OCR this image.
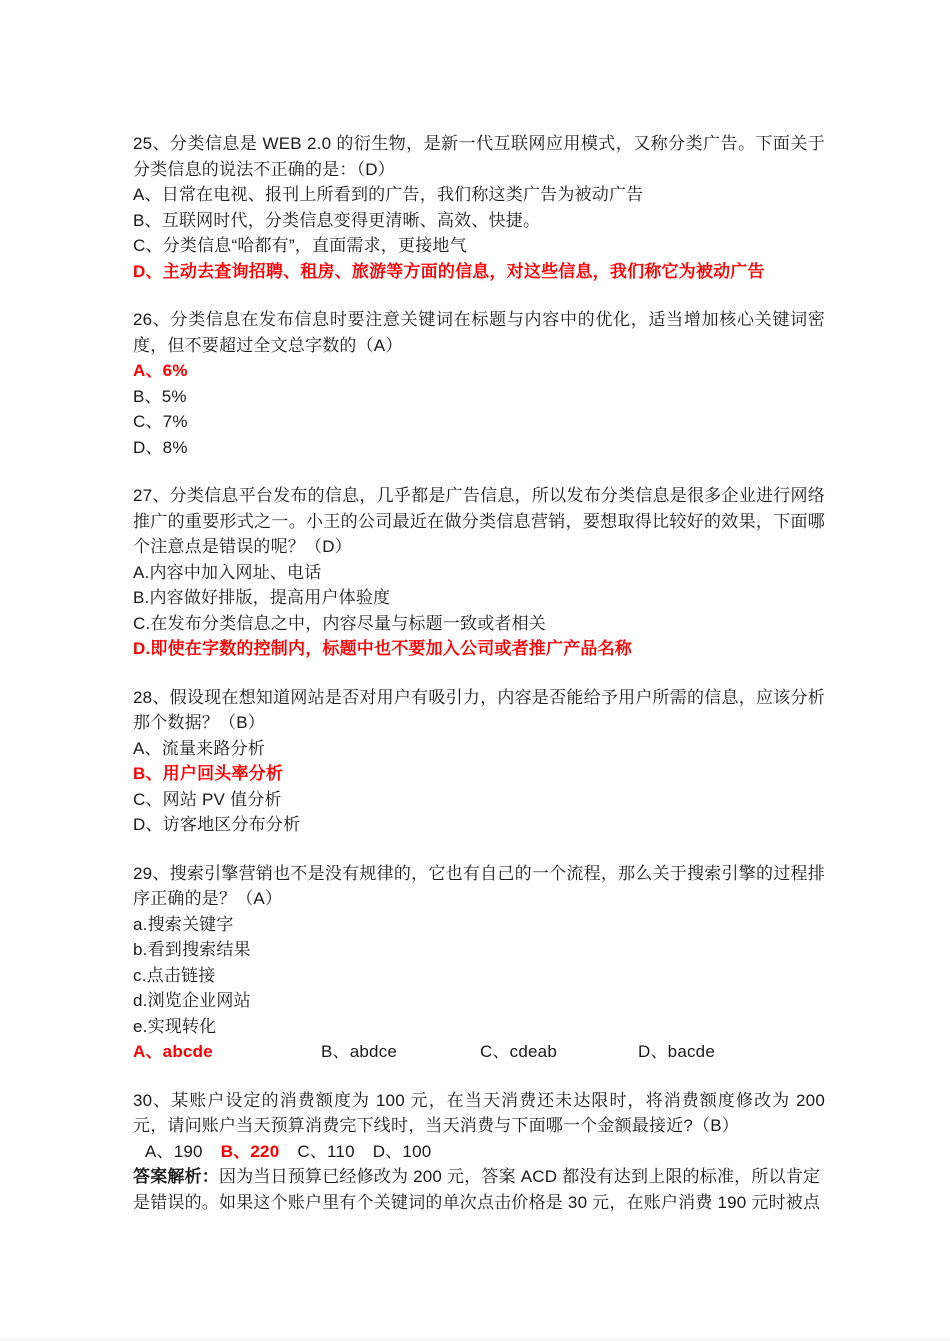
25、分类信息是 WEB 2.0 的衍生物，是新一代互联网应用模式，又称分类广告。下面关于分类信息的说法不正确的是：（D）

A、日常在电视、报刊上所看到的广告，我们称这类广告为被动广告

B、互联网时代，分类信息变得更清晰、高效、快捷。

C、分类信息“哈都有”，直面需求，更接地气

D、主动去查询招聘、租房、旅游等方面的信息，对这些信息，我们称它为被动广告

26、分类信息在发布信息时要注意关键词在标题与内容中的优化，适当增加核心关键词密度，但不要超过全文总字数的（A）

A、6%

B、5%

C、7%

D、8%

27、分类信息平台发布的信息，几乎都是广告信息，所以发布分类信息是很多企业进行网络推广的重要形式之一。小王的公司最近在做分类信息营销，要想取得比较好的效果，下面哪个注意点是错误的呢？（D）

A.内容中加入网址、电话

B.内容做好排版，提高用户体验度

C.在发布分类信息之中，内容尽量与标题一致或者相关

D.即使在字数的控制内，标题中也不要加入公司或者推广产品名称

28、假设现在想知道网站是否对用户有吸引力，内容是否能给予用户所需的信息，应该分析那个数据？（B）

A、流量来路分析

B、用户回头率分析

C、网站 PV 值分析

D、访客地区分布分析

29、搜索引擎营销也不是没有规律的，它也有自己的一个流程，那么关于搜索引擎的过程排序正确的是？（A）

a.搜索关键字

b.看到搜索结果

c.点击链接

d.浏览企业网站

e.实现转化

A、abcde	B、abdce	C、cdeab	D、bacde

30、某账户设定的消费额度为 100 元，在当天消费还未达限时，将消费额度修改为 200 元，请问账户当天预算消费完下线时，当天消费与下面哪一个金额最接近?（B）

A、190 B、220 C、110 D、100

答案解析：因为当日预算已经修改为 200 元，答案 ACD 都没有达到上限的标准，所以肯定

是错误的。如果这个账户里有个关键词的单次点击价格是 30 元，在账户消费 190 元时被点
